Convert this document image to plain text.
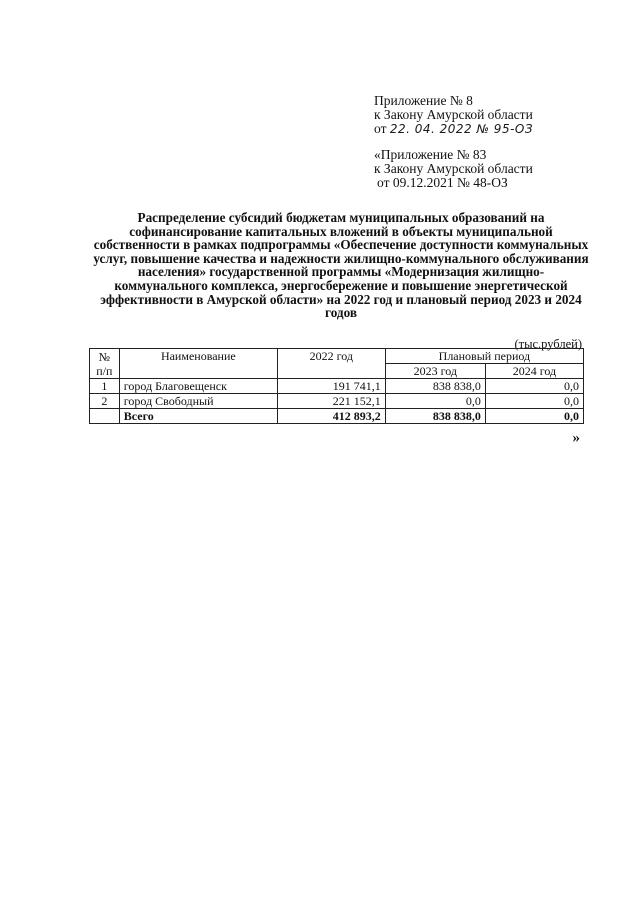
Приложение № 8
к Закону Амурской области
от 22. 04. 2022 № 95-ОЗ
«Приложение № 83
к Закону Амурской области
от 09.12.2021 № 48-ОЗ
Распределение субсидий бюджетам муниципальных образований на софинансирование капитальных вложений в объекты муниципальной собственности в рамках подпрограммы «Обеспечение доступности коммунальных услуг, повышение качества и надежности жилищно-коммунального обслуживания населения» государственной программы «Модернизация жилищно-коммунального комплекса, энергосбережение и повышение энергетической эффективности в Амурской области» на 2022 год и плановый период 2023 и 2024 годов
(тыс.рублей)
№ п/п	Наименование	2022 год	Плановый период	
			2023 год	2024 год
1	город Благовещенск	191 741,1	838 838,0	0,0
2	город Свободный	221 152,1	0,0	0,0
	Всего	412 893,2	838 838,0	0,0
»
